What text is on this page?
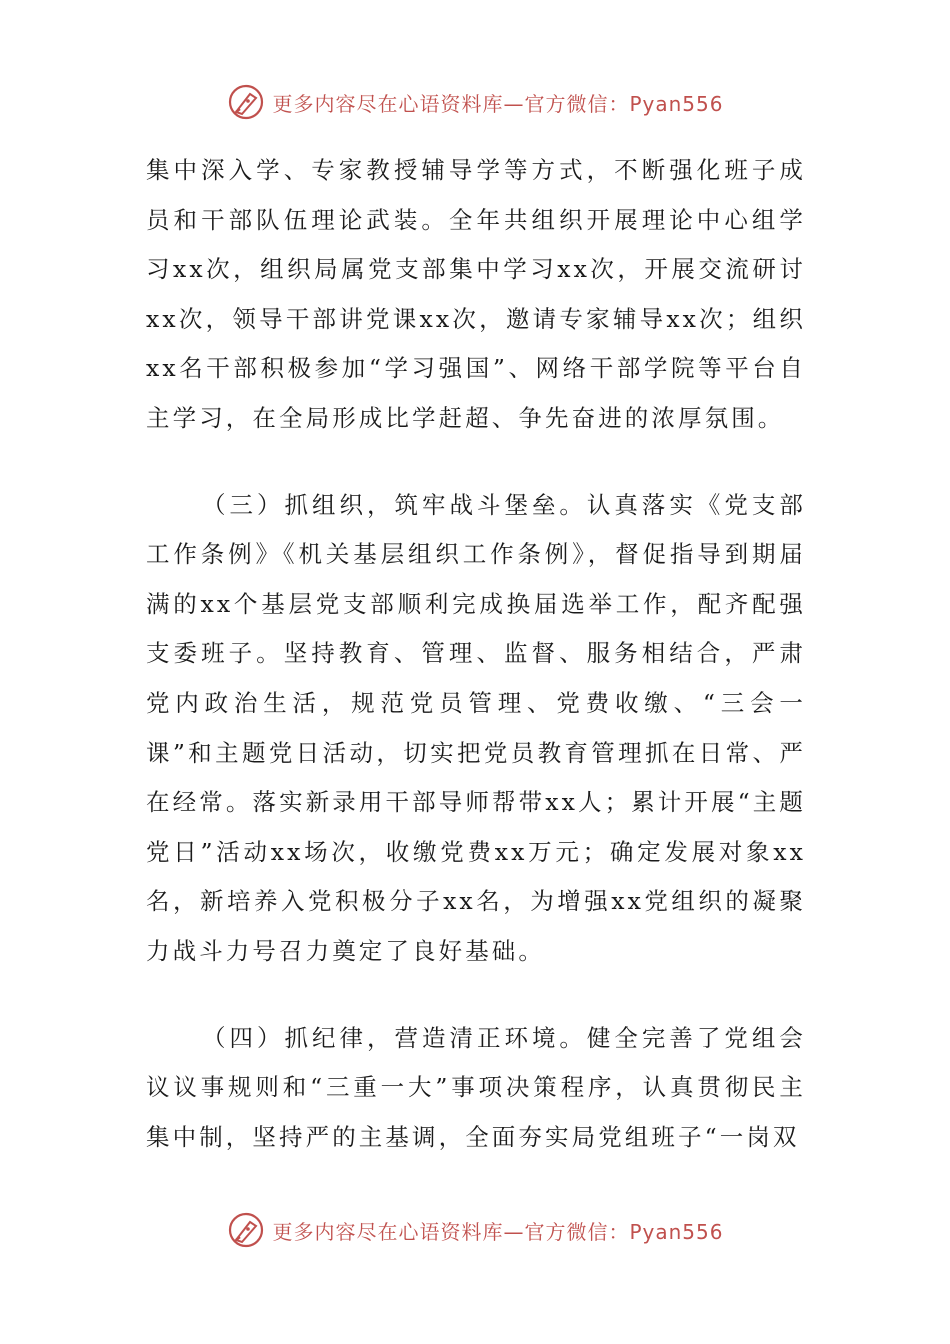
更多内容尽在心语资料库—官方微信：Pyan556

集中深入学、专家教授辅导学等方式，不断强化班子成员和干部队伍理论武装。全年共组织开展理论中心组学习xx次，组织局属党支部集中学习xx次，开展交流研讨xx次，领导干部讲党课xx次，邀请专家辅导xx次；组织xx名干部积极参加“学习强国”、网络干部学院等平台自主学习，在全局形成比学赶超、争先奋进的浓厚氛围。

（三）抓组织，筑牢战斗堡垒。认真落实《党支部工作条例》《机关基层组织工作条例》，督促指导到期届满的xx个基层党支部顺利完成换届选举工作，配齐配强支委班子。坚持教育、管理、监督、服务相结合，严肃党内政治生活，规范党员管理、党费收缴、“三会一课”和主题党日活动，切实把党员教育管理抓在日常、严在经常。落实新录用干部导师帮带xx人；累计开展“主题党日”活动xx场次，收缴党费xx万元；确定发展对象xx名，新培养入党积极分子xx名，为增强xx党组织的凝聚力战斗力号召力奠定了良好基础。

（四）抓纪律，营造清正环境。健全完善了党组会议议事规则和“三重一大”事项决策程序，认真贯彻民主集中制，坚持严的主基调，全面夯实局党组班子“一岗双

更多内容尽在心语资料库—官方微信：Pyan556
